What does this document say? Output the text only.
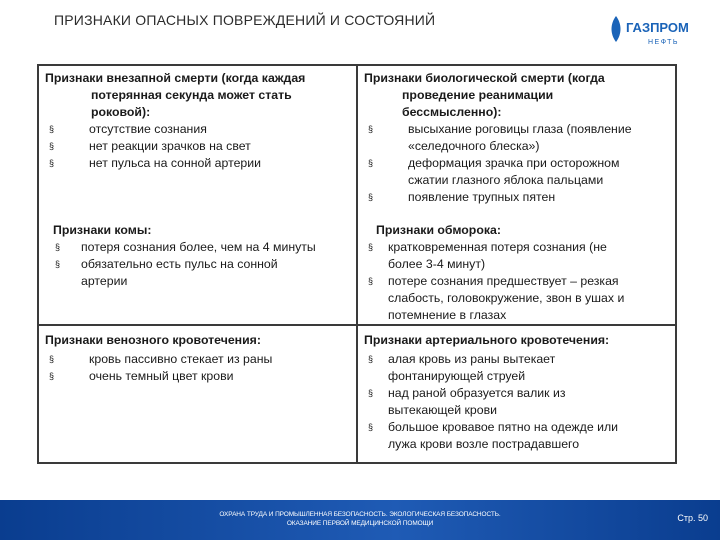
ПРИЗНАКИ ОПАСНЫХ ПОВРЕЖДЕНИЙ И СОСТОЯНИЙ	ГАЗПРОМ
НЕФТЬ
Признаки внезапной смерти (когда каждая
потерянная секунда может стать
роковой):
§	отсутствие сознания
§	нет реакции зрачков на свет
§	нет пульса на сонной артерии
Признаки биологической смерти (когда
проведение реанимации
бессмысленно):
§	высыхание роговицы глаза (появление
«селедочного блеска»)
§	деформация зрачка при осторожном
сжатии глазного яблока пальцами
§	появление трупных пятен
Признаки комы:
§ потеря сознания более, чем на 4 минуты
§ обязательно есть пульс на сонной
артерии
Признаки обморока:
§ кратковременная потеря сознания (не
более 3-4 минут)
§ потере сознания предшествует – резкая
слабость, головокружение, звон в ушах и
потемнение в глазах
Признаки венозного кровотечения:
§	кровь пассивно стекает из раны
§	очень темный цвет крови
Признаки артериального кровотечения:
§ алая кровь из раны вытекает
фонтанирующей струей
§ над раной образуется валик из
вытекающей крови
§ большое кровавое пятно на одежде или
лужа крови возле пострадавшего
ОХРАНА ТРУДА И ПРОМЫШЛЕННАЯ БЕЗОПАСНОСТЬ. ЭКОЛОГИЧЕСКАЯ БЕЗОПАСНОСТЬ.
ОКАЗАНИЕ ПЕРВОЙ МЕДИЦИНСКОЙ ПОМОЩИ
Стр. 50
